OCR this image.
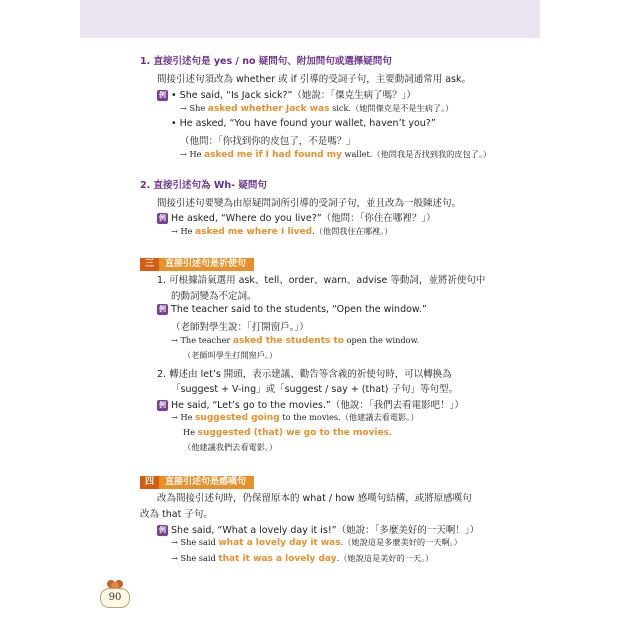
1. 直接引述句是 yes / no 疑問句、附加問句或選擇疑問句
間接引述句須改為 whether 或 if 引導的受詞子句，主要動詞通常用 ask。
例 • She said, “Is Jack sick?”（她說：「傑克生病了嗎？」）
→ She asked whether Jack was sick.（她問傑克是不是生病了。）
• He asked, “You have found your wallet, haven’t you?”
（他問：「你找到你的皮包了，不是嗎？」
→ He asked me if I had found my wallet.（他問我是否找到我的皮包了。）
2. 直接引述句為 Wh- 疑問句
間接引述句要變為由原疑問詞所引導的受詞子句，並且改為一般陳述句。
例 He asked, “Where do you live?”（他問：「你住在哪裡？」）
→ He asked me where I lived.（他問我住在哪裡。）
三 直接引述句是祈使句
1. 可根據語氣選用 ask、tell、order、warn、advise 等動詞，並將祈使句中
的動詞變為不定詞。
例 The teacher said to the students, “Open the window.”
（老師對學生說：「打開窗戶。」）
→ The teacher asked the students to open the window.
（老師叫學生打開窗戶。）
2. 轉述由 let’s 開頭，表示建議、勸告等含義的祈使句時，可以轉換為
「suggest + V-ing」或「suggest / say + (that) 子句」等句型。
例 He said, “Let’s go to the movies.”（他說：「我們去看電影吧！」）
→ He suggested going to the movies.（他建議去看電影。）
He suggested (that) we go to the movies.
（他建議我們去看電影。）
四 直接引述句是感嘆句
改為間接引述句時，仍保留原本的 what / how 感嘆句結構，或將原感嘆句
改為 that 子句。
例 She said, “What a lovely day it is!”（她說：「多麼美好的一天啊！」）
→ She said what a lovely day it was.（她說這是多麼美好的一天啊。）
→ She said that it was a lovely day.（她說這是美好的一天。）
90
